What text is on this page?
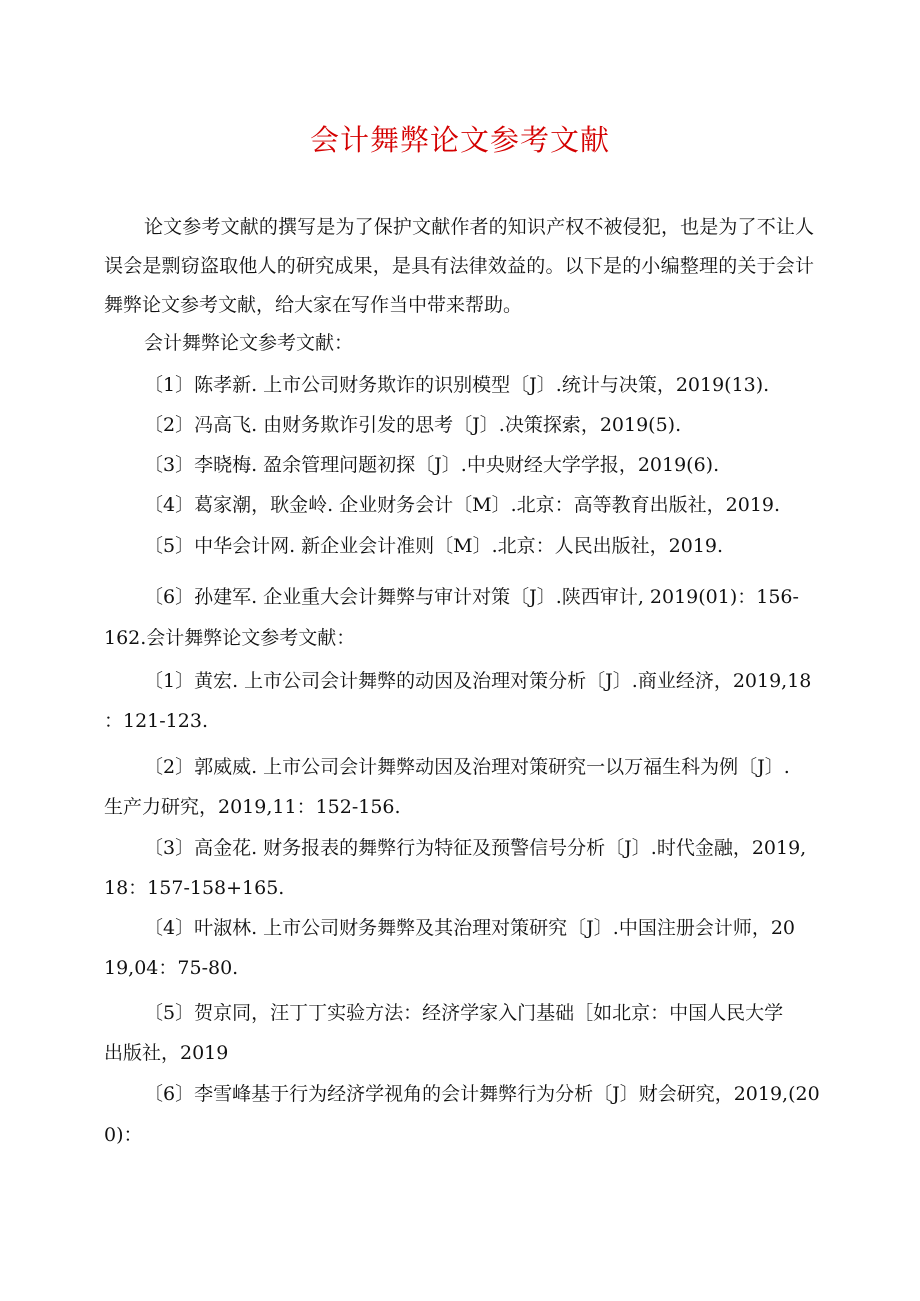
会计舞弊论文参考文献

论文参考文献的撰写是为了保护文献作者的知识产权不被侵犯，也是为了不让人误会是剽窃盗取他人的研究成果，是具有法律效益的。以下是的小编整理的关于会计舞弊论文参考文献，给大家在写作当中带来帮助。

会计舞弊论文参考文献：
〔1〕陈孝新. 上市公司财务欺诈的识别模型〔J〕.统计与决策，2019(13).
〔2〕冯高飞. 由财务欺诈引发的思考〔J〕.决策探索，2019(5).
〔3〕李晓梅. 盈余管理问题初探〔J〕.中央财经大学学报，2019(6).
〔4〕葛家潮，耿金岭. 企业财务会计〔M〕.北京：高等教育出版社，2019.
〔5〕中华会计网. 新企业会计准则〔M〕.北京：人民出版社，2019.
〔6〕孙建军. 企业重大会计舞弊与审计对策〔J〕.陕西审计, 2019(01)：156-
162.会计舞弊论文参考文献：
〔1〕黄宏. 上市公司会计舞弊的动因及治理对策分析〔J〕.商业经济，2019,18
：121-123.
〔2〕郭威威. 上市公司会计舞弊动因及治理对策研究一以万福生科为例〔J〕.
生产力研究，2019,11：152-156.
〔3〕高金花. 财务报表的舞弊行为特征及预警信号分析〔J〕.时代金融，2019,
18：157-158+165.
〔4〕叶淑林. 上市公司财务舞弊及其治理对策研究〔J〕.中国注册会计师，20
19,04：75-80.
〔5〕贺京同，汪丁丁实验方法：经济学家入门基础［如北京：中国人民大学
出版社，2019
〔6〕李雪峰基于行为经济学视角的会计舞弊行为分析〔J〕财会研究，2019,(20
0)：
